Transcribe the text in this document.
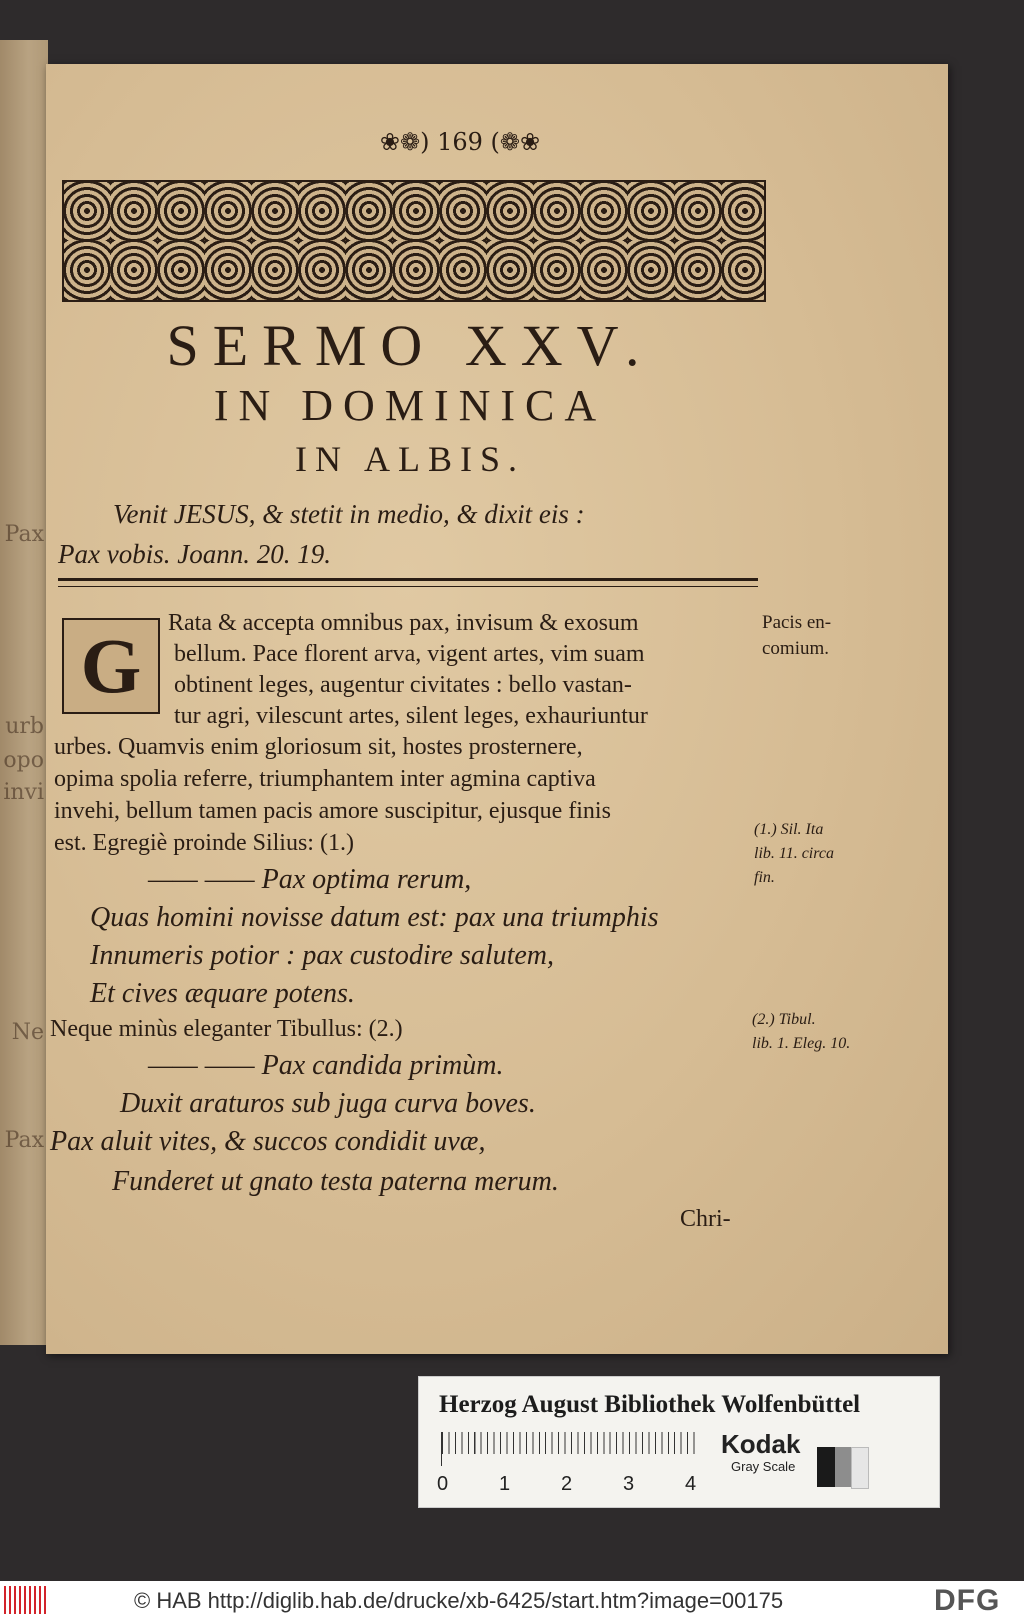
Pax
urb
opo
invi
Ne
Pax
❀❁) 169 (❁❀
SERMO XXV.
IN DOMINICA
IN ALBIS.
Venit JESUS, & stetit in medio, & dixit eis :
Pax vobis. Joann. 20. 19.
G	Rata & accepta omnibus pax, invisum & exosum
bellum. Pace florent arva, vigent artes, vim suam
obtinent leges, augentur civitates : bello vastan-
tur agri, vilescunt artes, silent leges, exhauriuntur
urbes. Quamvis enim gloriosum sit, hostes prosternere,
opima spolia referre, triumphantem inter agmina captiva
invehi, bellum tamen pacis amore suscipitur, ejusque finis
est. Egregiè proinde Silius: (1.)
—— —— Pax optima rerum,
Quas homini novisse datum est: pax una triumphis
Innumeris potior : pax custodire salutem,
Et cives æquare potens.
Neque minùs eleganter Tibullus: (2.)
—— —— Pax candida primùm.
Duxit araturos sub juga curva boves.
Pax aluit vites, & succos condidit uvæ,
Funderet ut gnato testa paterna merum.
Chri-
Pacis en-
comium.
(1.) Sil. Ita
lib. 11. circa
fin.
(2.) Tibul.
lib. 1. Eleg. 10.
Herzog August Bibliothek Wolfenbüttel
0	1	2	3	4
Kodak
Gray Scale
© HAB http://diglib.hab.de/drucke/xb-6425/start.htm?image=00175	DFG
